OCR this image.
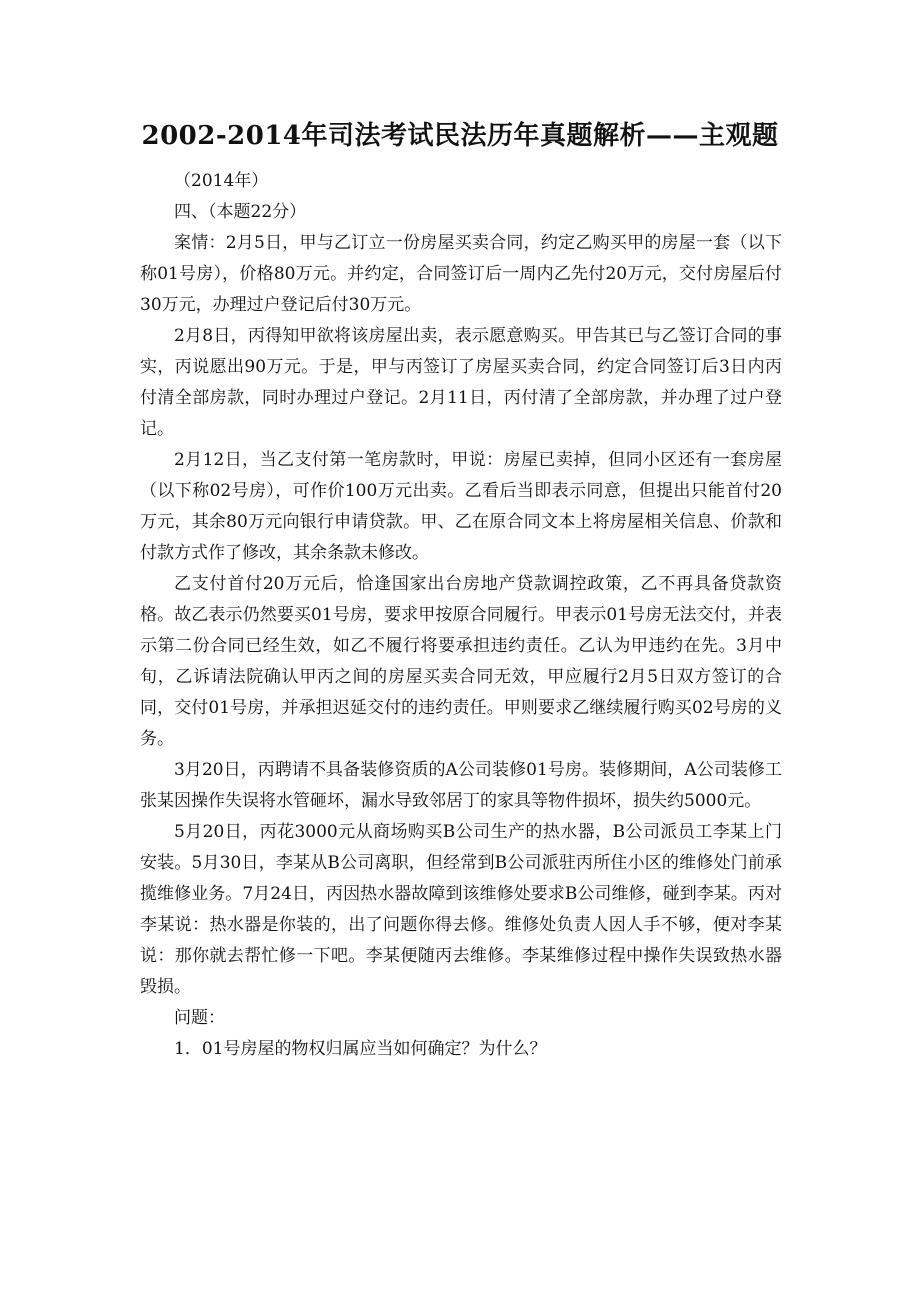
2002-2014年司法考试民法历年真题解析——主观题

（2014年）

四、（本题22分）

案情：2月5日，甲与乙订立一份房屋买卖合同，约定乙购买甲的房屋一套（以下称01号房），价格80万元。并约定，合同签订后一周内乙先付20万元，交付房屋后付30万元，办理过户登记后付30万元。

2月8日，丙得知甲欲将该房屋出卖，表示愿意购买。甲告其已与乙签订合同的事实，丙说愿出90万元。于是，甲与丙签订了房屋买卖合同，约定合同签订后3日内丙付清全部房款，同时办理过户登记。2月11日，丙付清了全部房款，并办理了过户登记。

2月12日，当乙支付第一笔房款时，甲说：房屋已卖掉，但同小区还有一套房屋（以下称02号房），可作价100万元出卖。乙看后当即表示同意，但提出只能首付20万元，其余80万元向银行申请贷款。甲、乙在原合同文本上将房屋相关信息、价款和付款方式作了修改，其余条款未修改。

乙支付首付20万元后，恰逢国家出台房地产贷款调控政策，乙不再具备贷款资格。故乙表示仍然要买01号房，要求甲按原合同履行。甲表示01号房无法交付，并表示第二份合同已经生效，如乙不履行将要承担违约责任。乙认为甲违约在先。3月中旬，乙诉请法院确认甲丙之间的房屋买卖合同无效，甲应履行2月5日双方签订的合同，交付01号房，并承担迟延交付的违约责任。甲则要求乙继续履行购买02号房的义务。

3月20日，丙聘请不具备装修资质的A公司装修01号房。装修期间，A公司装修工张某因操作失误将水管砸坏，漏水导致邻居丁的家具等物件损坏，损失约5000元。

5月20日，丙花3000元从商场购买B公司生产的热水器，B公司派员工李某上门安装。5月30日，李某从B公司离职，但经常到B公司派驻丙所住小区的维修处门前承揽维修业务。7月24日，丙因热水器故障到该维修处要求B公司维修，碰到李某。丙对李某说：热水器是你装的，出了问题你得去修。维修处负责人因人手不够，便对李某说：那你就去帮忙修一下吧。李某便随丙去维修。李某维修过程中操作失误致热水器毁损。

问题：

1．01号房屋的物权归属应当如何确定？为什么？
